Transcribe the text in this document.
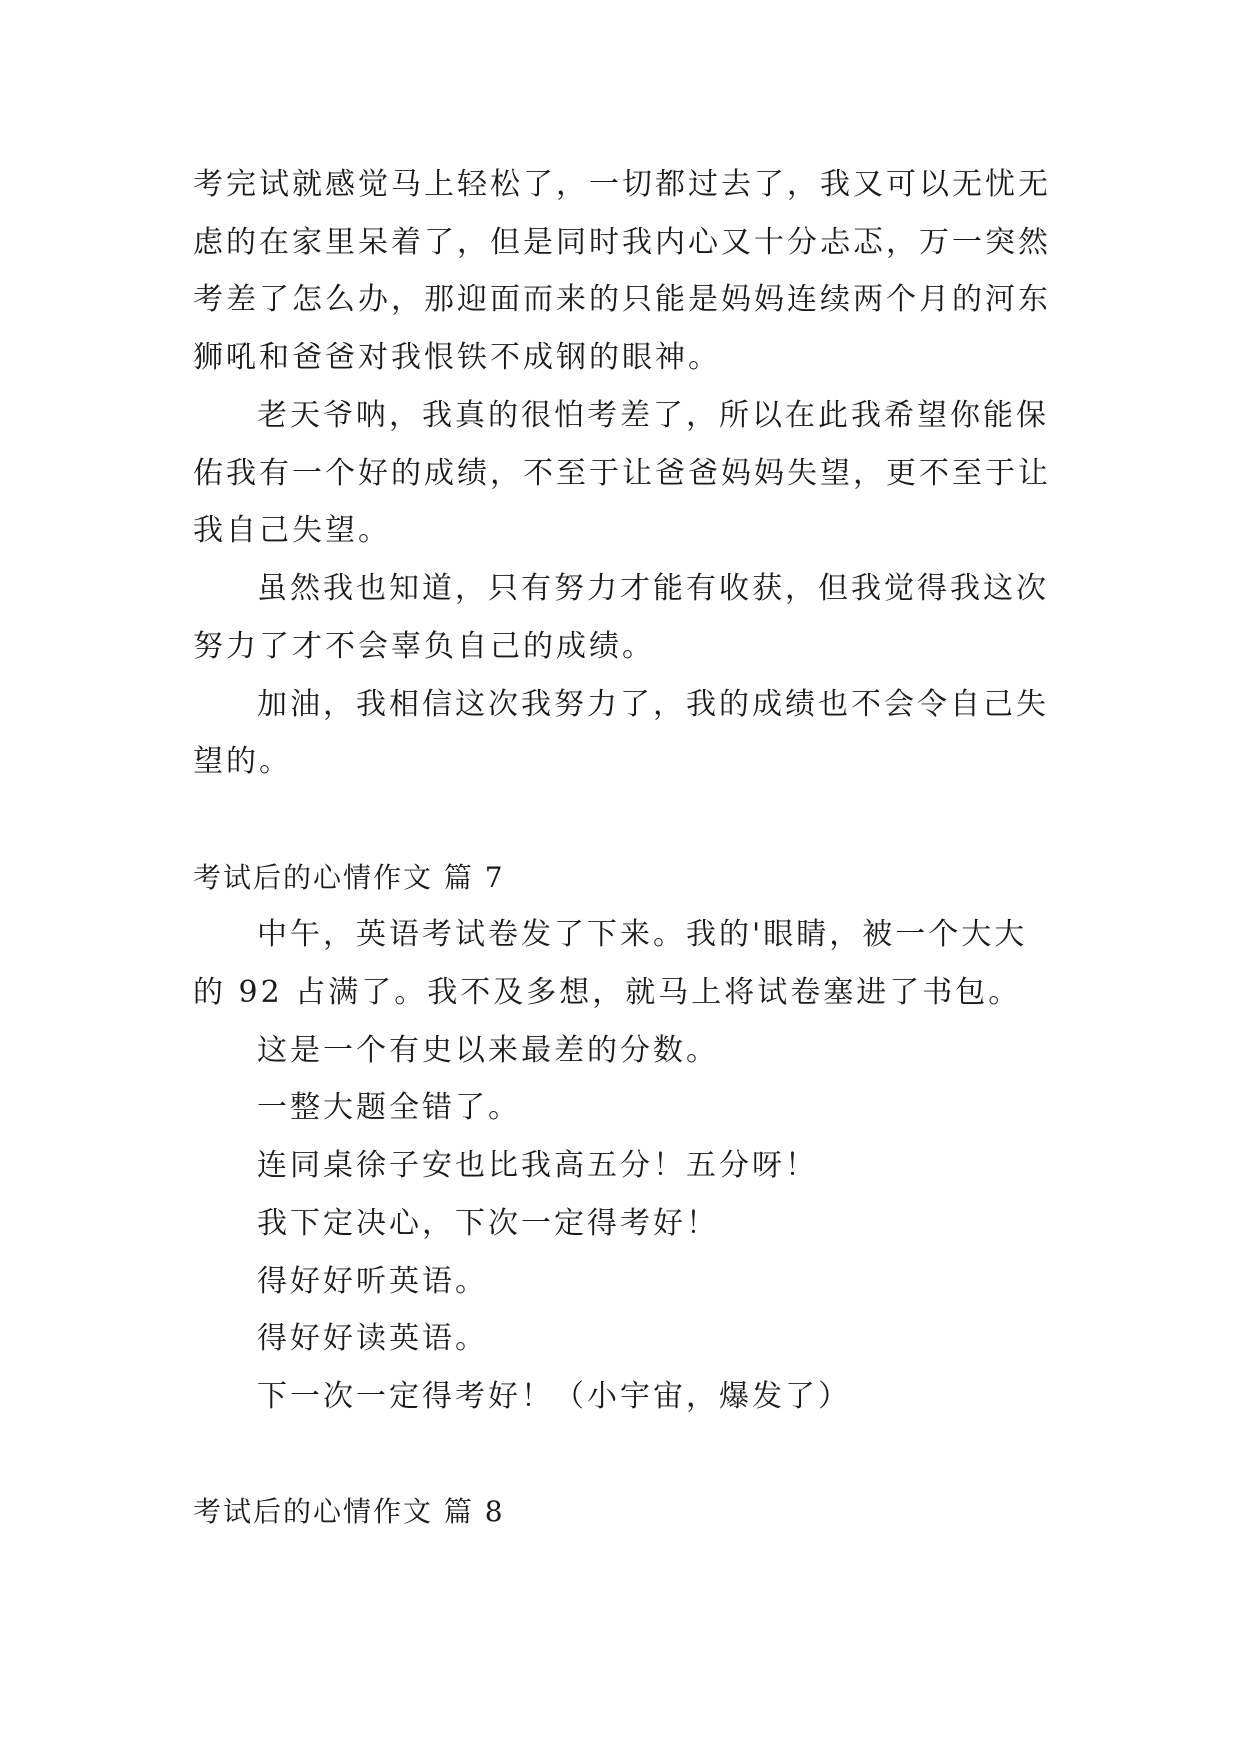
考完试就感觉马上轻松了，一切都过去了，我又可以无忧无
虑的在家里呆着了，但是同时我内心又十分忐忑，万一突然
考差了怎么办，那迎面而来的只能是妈妈连续两个月的河东
狮吼和爸爸对我恨铁不成钢的眼神。
老天爷呐，我真的很怕考差了，所以在此我希望你能保
佑我有一个好的成绩，不至于让爸爸妈妈失望，更不至于让
我自己失望。
虽然我也知道，只有努力才能有收获，但我觉得我这次
努力了才不会辜负自己的成绩。
加油，我相信这次我努力了，我的成绩也不会令自己失
望的。
考试后的心情作文 篇 7
中午，英语考试卷发了下来。我的'眼睛，被一个大大
的 92 占满了。我不及多想，就马上将试卷塞进了书包。
这是一个有史以来最差的分数。
一整大题全错了。
连同桌徐子安也比我高五分！五分呀！
我下定决心，下次一定得考好！
得好好听英语。
得好好读英语。
下一次一定得考好！（小宇宙，爆发了）
考试后的心情作文 篇 8
